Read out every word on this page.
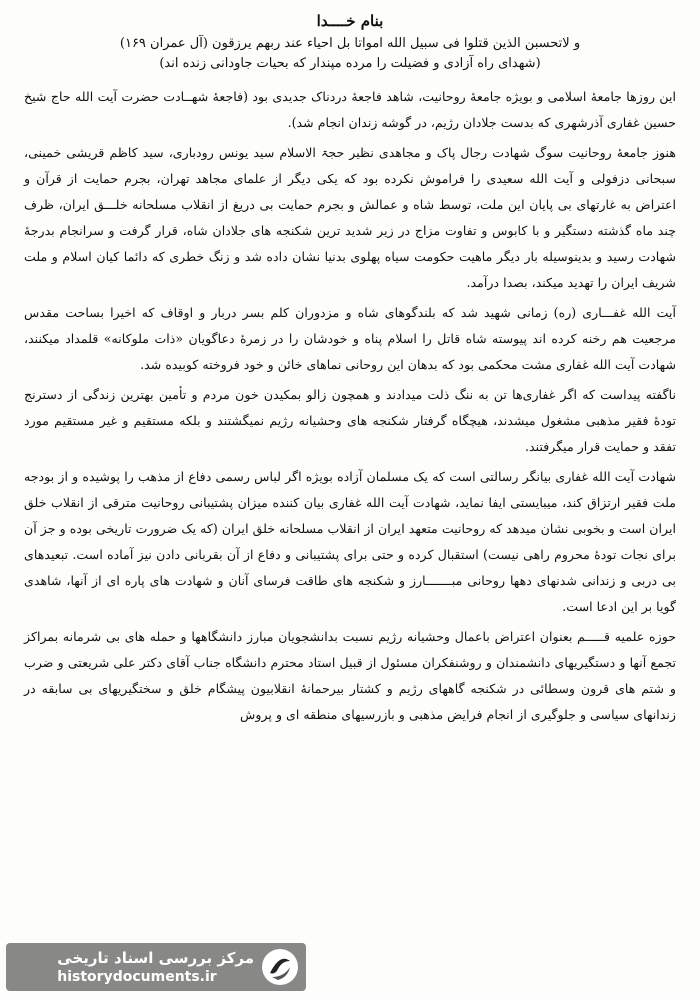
بنام خــــدا

و لاتحسبن الذین قتلوا فی سبیل الله امواتا بل احیاء عند ربهم یرزقون (آل عمران ۱۶۹)

(شهدای راه آزادی و فضیلت را مرده مپندار که بحیات جاودانی زنده اند)

این روزها جامعهٔ اسلامی و بویژه جامعهٔ روحانیت، شاهد فاجعهٔ دردناک جدیدی بود (فاجعهٔ شهــادت حضرت آیت الله حاج شیخ حسین غفاری آذرشهری که بدست جلادان رژیم، در گوشه زندان انجام شد).

هنوز جامعهٔ روحانیت سوگ شهادت رجال پاک و مجاهدی نظیر حجۃ الاسلام سید یونس رودباری، سید کاظم قریشی خمینی، سبحانی دزفولی و آیت الله سعیدی را فراموش نکرده بود که یکی دیگر از علمای مجاهد تهران، بجرم حمایت از قرآن و اعتراض به غارتهای بی پایان این ملت، توسط شاه و عمالش و بجرم حمایت بی دریغ از انقلاب مسلحانه خلـــق ایران، ظرف چند ماه گذشته دستگیر و با کابوس و تفاوت مزاج در زیر شدید ترین شکنجه های جلادان شاه، قرار گرفت و سرانجام بدرجهٔ شهادت رسید و بدینوسیله بار دیگر ماهیت حکومت سیاه پهلوی بدنیا نشان داده شد و زنگ خطری که دائما کیان اسلام و ملت شریف ایران را تهدید میکند، بصدا درآمد.

آیت الله غفـــاری (ره) زمانی شهید شد که بلندگوهای شاه و مزدوران کلم بسر دربار و اوقاف که اخیرا بساحت مقدس مرجعیت هم رخنه کرده اند پیوسته شاه قاتل را اسلام پناه و خودشان را در زمرهٔ دعاگویان «ذات ملوکانه» قلمداد میکنند، شهادت آیت الله غفاری مشت محکمی بود که بدهان این روحانی نماهای خائن و خود فروخته کوبیده شد.

ناگفته پیداست که اگر غفاری‌ها تن به ننگ ذلت میدادند و همچون زالو بمکیدن خون مردم و تأمین بهترین زندگی از دسترنج تودهٔ فقیر مذهبی مشغول میشدند، هیچگاه گرفتار شکنجه های وحشیانه رژیم نمیگشتند و بلکه مستقیم و غیر مستقیم مورد تفقد و حمایت قرار میگرفتند.

شهادت آیت الله غفاری بیانگر رسالتی است که یک مسلمان آزاده بویژه اگر لباس رسمی دفاع از مذهب را پوشیده و از بودجه ملت فقیر ارتزاق کند، میبایستی ایفا نماید، شهادت آیت الله غفاری بیان کننده میزان پشتیبانی روحانیت مترقی از انقلاب خلق ایران است و بخوبی نشان میدهد که روحانیت متعهد ایران از انقلاب مسلحانه خلق ایران (که یک ضرورت تاریخی بوده و جز آن برای نجات تودهٔ محروم راهی نیست) استقبال کرده و حتی برای پشتیبانی و دفاع از آن بقربانی دادن نیز آماده است. تبعیدهای بی دربی و زندانی شدنهای دهها روحانی مبـــــــارز و شکنجه های طاقت فرسای آنان و شهادت های پاره ای از آنها، شاهدی گویا بر این ادعا است.

حوزه علمیه قـــــم بعنوان اعتراض باعمال وحشیانه رژیم نسبت بدانشجویان مبارز دانشگاهها و حمله های بی شرمانه بمراکز تجمع آنها و دستگیریهای دانشمندان و روشنفکران مسئول از قبیل استاد محترم دانشگاه جناب آقای دکتر علی شریعتی و ضرب و شتم های قرون وسطائی در شکنجه گاههای رژیم و کشتار بیرحمانهٔ انقلابیون پیشگام خلق و سختگیریهای بی سابقه در زندانهای سیاسی و جلوگیری از انجام فرایض مذهبی و بازرسیهای منطقه ای و پروش

مرکز بررسی اسناد تاریخی
historydocuments.ir
